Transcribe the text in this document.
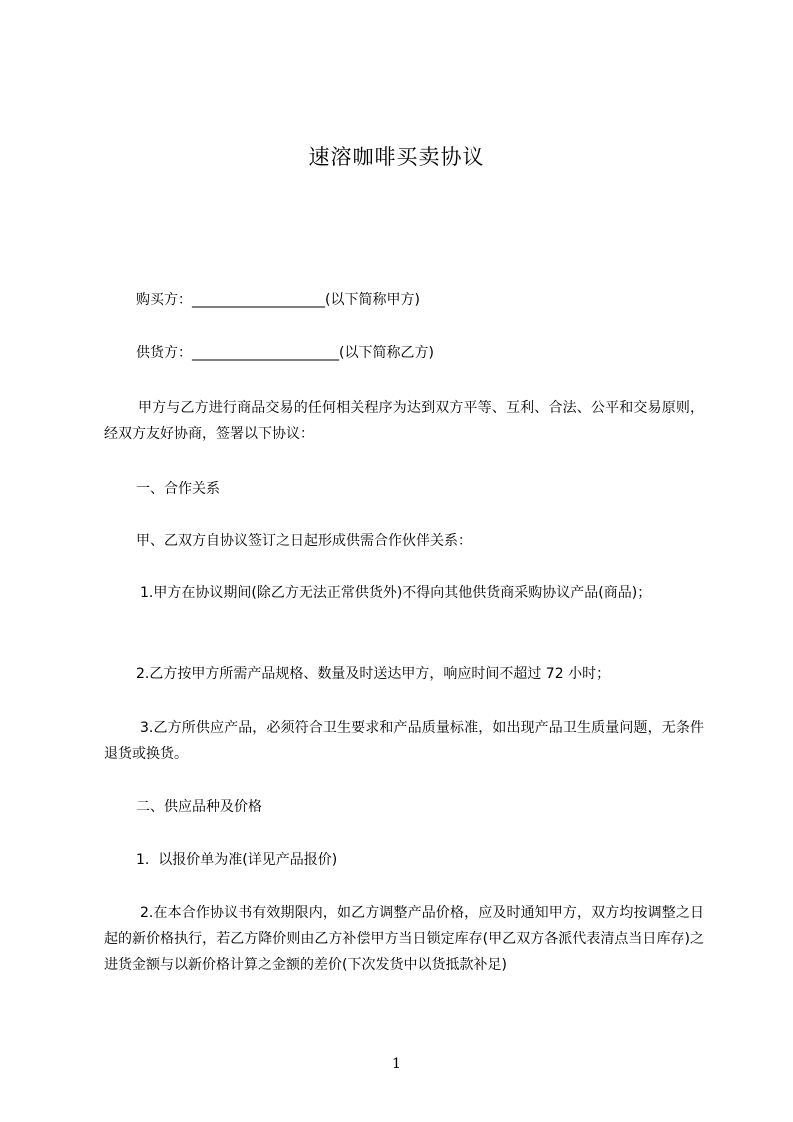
速溶咖啡买卖协议
购买方：___________________(以下简称甲方)
供货方：_____________________(以下简称乙方)
甲方与乙方进行商品交易的任何相关程序为达到双方平等、互利、合法、公平和交易原则，经双方友好协商，签署以下协议：
一、合作关系
甲、乙双方自协议签订之日起形成供需合作伙伴关系：
1.甲方在协议期间(除乙方无法正常供货外)不得向其他供货商采购协议产品(商品)；
2.乙方按甲方所需产品规格、数量及时送达甲方，响应时间不超过 72 小时；
3.乙方所供应产品，必须符合卫生要求和产品质量标准，如出现产品卫生质量问题，无条件退货或换货。
二、供应品种及价格
1.  以报价单为准(详见产品报价)
2.在本合作协议书有效期限内，如乙方调整产品价格，应及时通知甲方，双方均按调整之日起的新价格执行，若乙方降价则由乙方补偿甲方当日锁定库存(甲乙双方各派代表清点当日库存)之进货金额与以新价格计算之金额的差价(下次发货中以货抵款补足)
1
